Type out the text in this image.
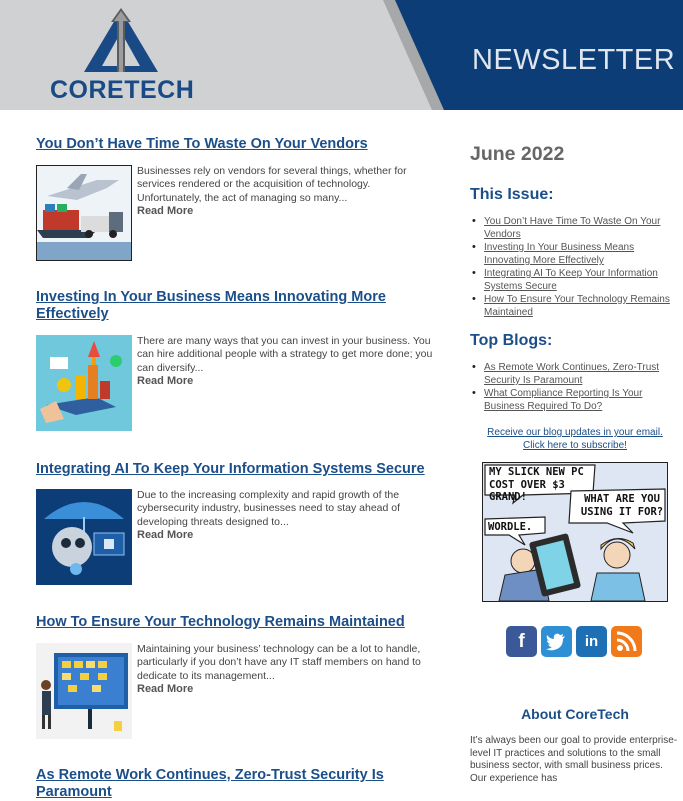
CORETECH
NEWSLETTER
You Don’t Have Time To Waste On Your Vendors
Businesses rely on vendors for several things, whether for services rendered or the acquisition of technology. Unfortunately, the act of managing so many...
Read More
Investing In Your Business Means Innovating More Effectively
There are many ways that you can invest in your business. You can hire additional people with a strategy to get more done; you can diversify...
Read More
Integrating AI To Keep Your Information Systems Secure
Due to the increasing complexity and rapid growth of the cybersecurity industry, businesses need to stay ahead of developing threats designed to...
Read More
How To Ensure Your Technology Remains Maintained
Maintaining your business’ technology can be a lot to handle, particularly if you don’t have any IT staff members on hand to dedicate to its management...
Read More
As Remote Work Continues, Zero-Trust Security Is Paramount
June 2022
This Issue:
• You Don’t Have Time To Waste On Your Vendors
• Investing In Your Business Means Innovating More Effectively
• Integrating AI To Keep Your Information Systems Secure
• How To Ensure Your Technology Remains Maintained
Top Blogs:
• As Remote Work Continues, Zero-Trust Security Is Paramount
• What Compliance Reporting Is Your Business Required To Do?
Receive our blog updates in your email.
Click here to subscribe!
MY SLICK NEW PC COST OVER $3 GRAND!	WHAT ARE YOU USING IT FOR?
WORDLE.
f	in
About CoreTech
It’s always been our goal to provide enterprise-level IT practices and solutions to the small business sector, with small business prices. Our experience has
